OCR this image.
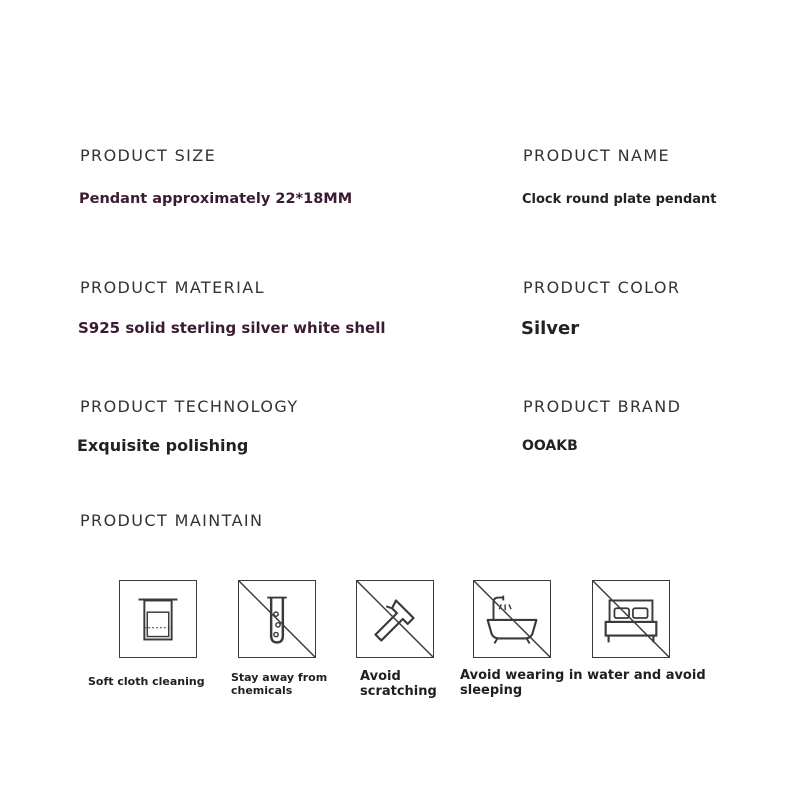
PRODUCT SIZE
Pendant approximately 22*18MM
PRODUCT NAME
Clock round plate pendant
PRODUCT MATERIAL
S925 solid sterling silver white shell
PRODUCT COLOR
Silver
PRODUCT TECHNOLOGY
Exquisite polishing
PRODUCT BRAND
OOAKB
PRODUCT MAINTAIN
Soft cloth cleaning Stay away from
chemicals
Avoid
scratching
Avoid wearing in water and avoid
sleeping
